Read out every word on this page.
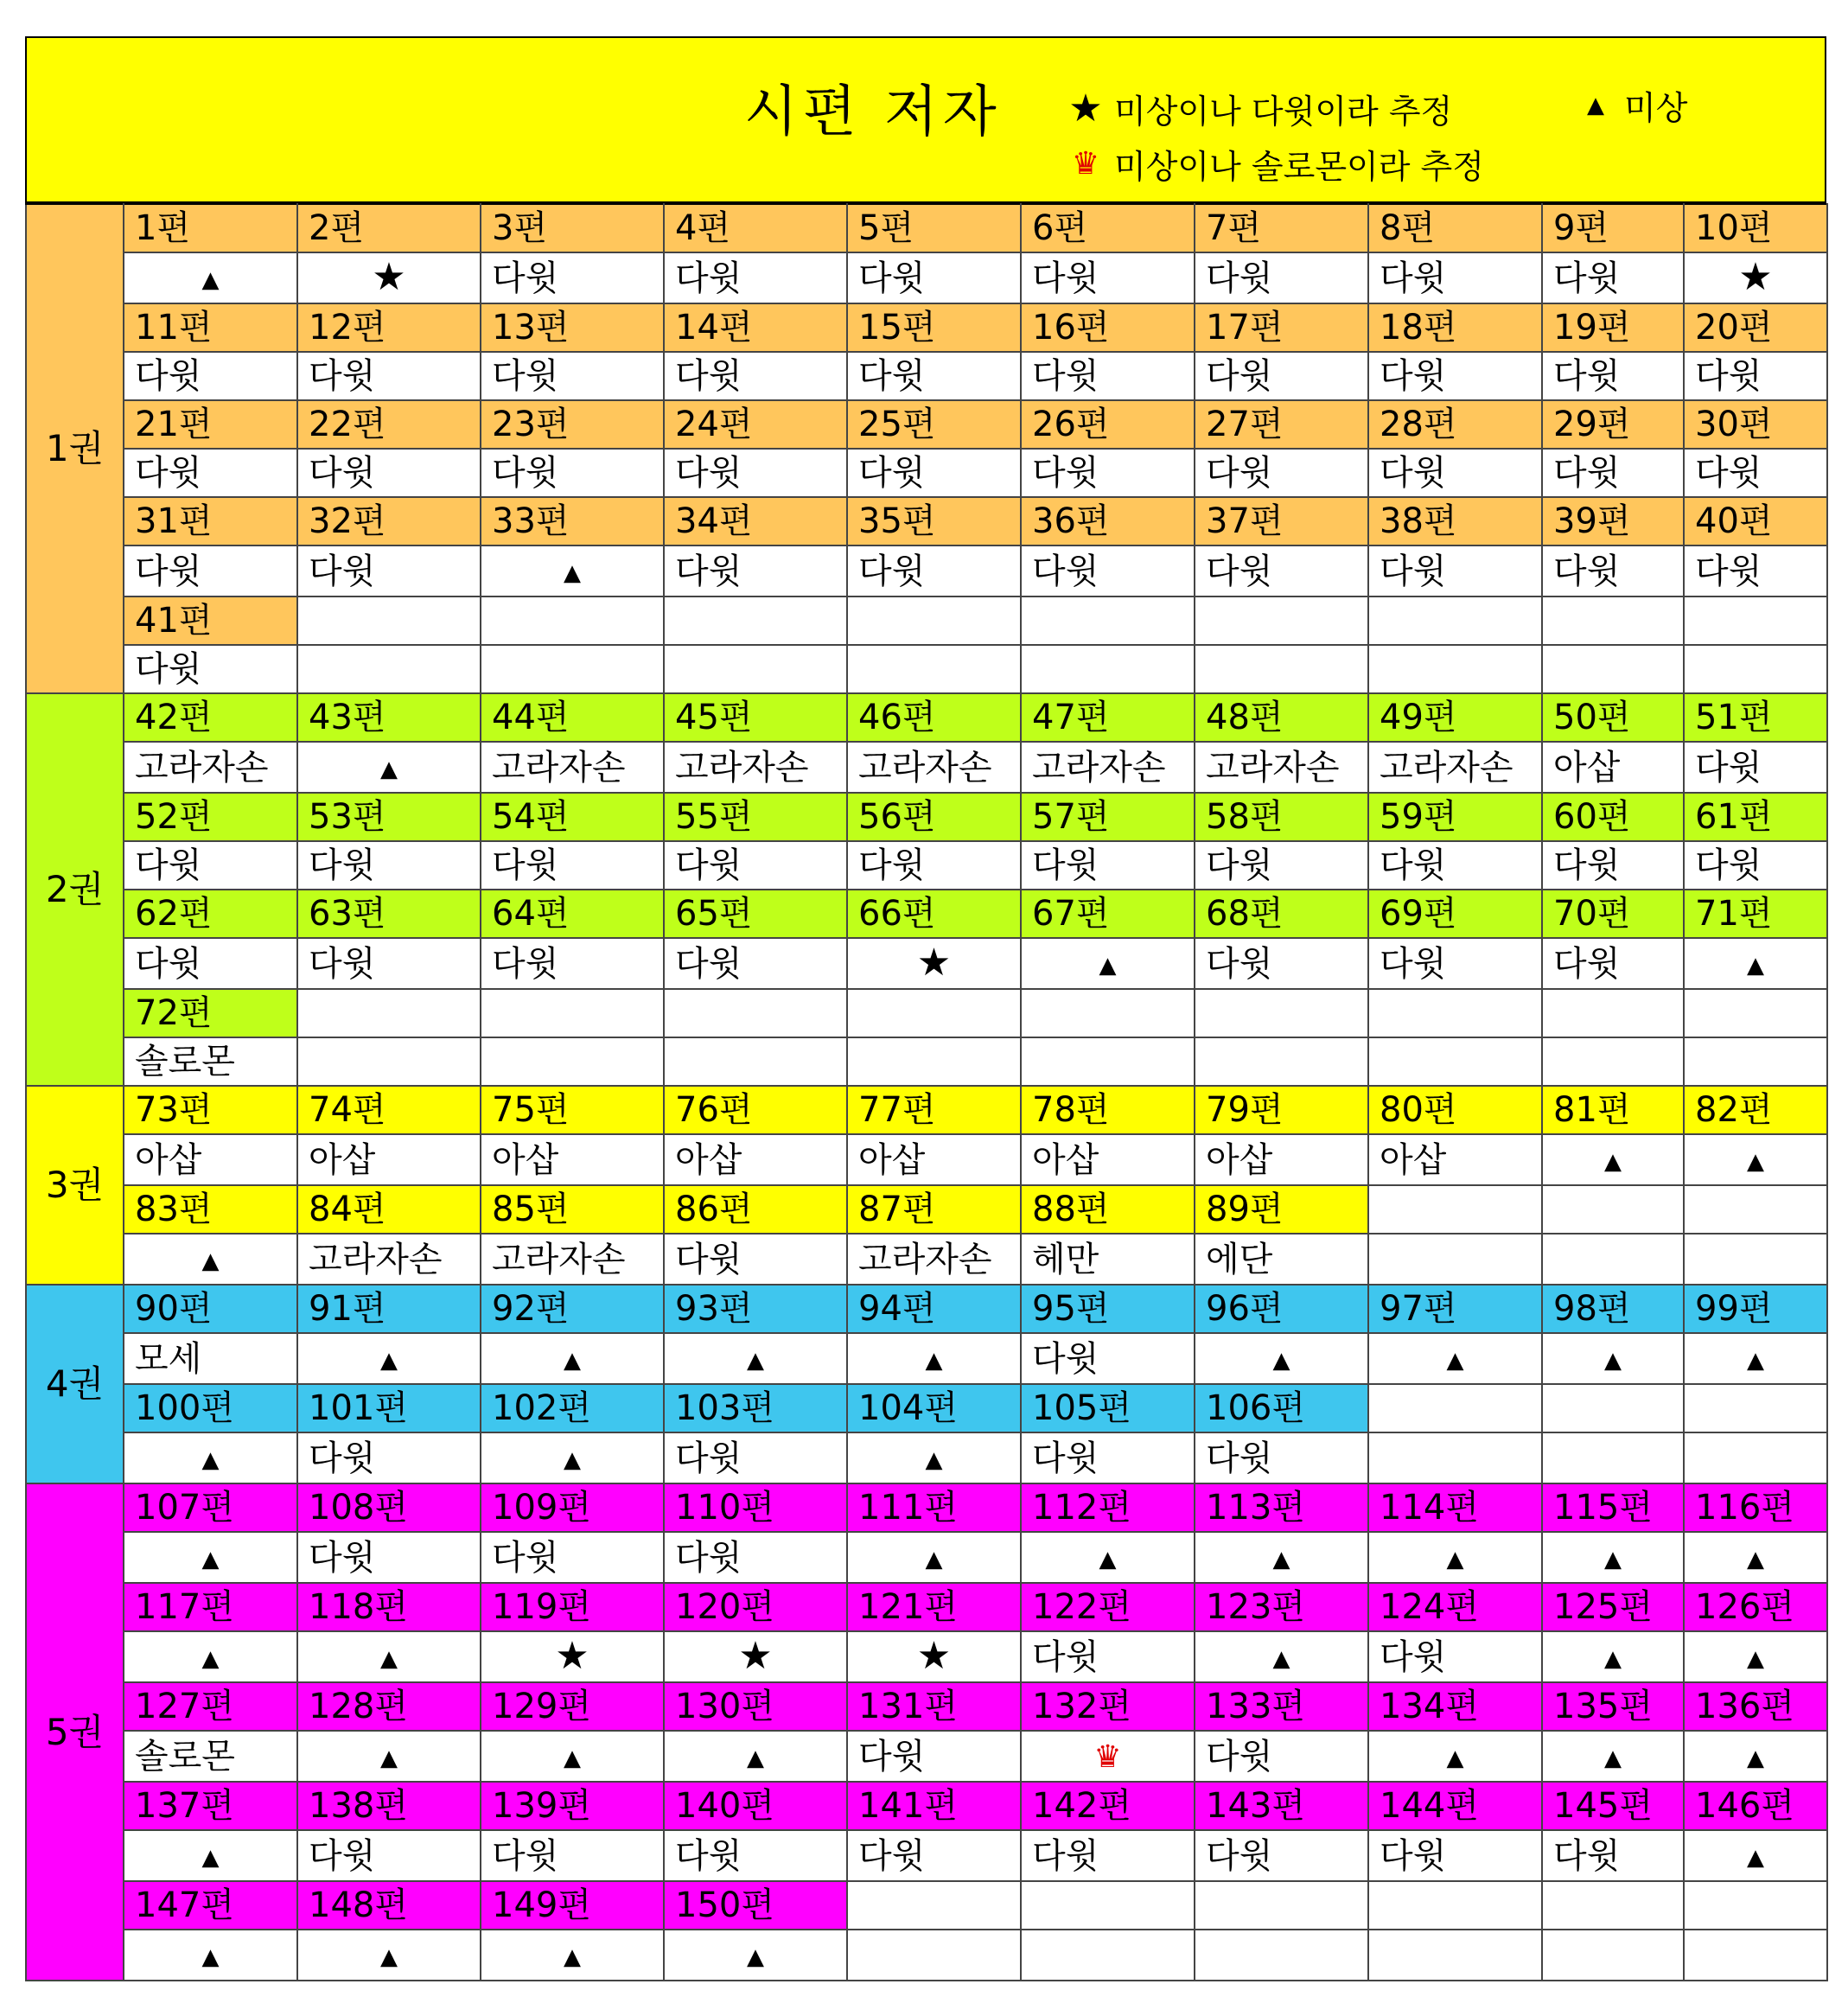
시편 저자 ★ 미상이나 다윗이라 추정	▲ 미상
♛ 미상이나 솔로몬이라 추정
1권	1편	2편	3편	4편	5편	6편	7편	8편	9편	10편
	▲	★	다윗	다윗	다윗	다윗	다윗	다윗	다윗	★
	11편	12편	13편	14편	15편	16편	17편	18편	19편	20편
	다윗	다윗	다윗	다윗	다윗	다윗	다윗	다윗	다윗	다윗
	21편	22편	23편	24편	25편	26편	27편	28편	29편	30편
	다윗	다윗	다윗	다윗	다윗	다윗	다윗	다윗	다윗	다윗
	31편	32편	33편	34편	35편	36편	37편	38편	39편	40편
	다윗	다윗	▲	다윗	다윗	다윗	다윗	다윗	다윗	다윗
	41편									
	다윗									
2권	42편	43편	44편	45편	46편	47편	48편	49편	50편	51편
	고라자손	▲	고라자손	고라자손	고라자손	고라자손	고라자손	고라자손	아삽	다윗
	52편	53편	54편	55편	56편	57편	58편	59편	60편	61편
	다윗	다윗	다윗	다윗	다윗	다윗	다윗	다윗	다윗	다윗
	62편	63편	64편	65편	66편	67편	68편	69편	70편	71편
	다윗	다윗	다윗	다윗	★	▲	다윗	다윗	다윗	▲
	72편									
	솔로몬									
3권	73편	74편	75편	76편	77편	78편	79편	80편	81편	82편
	아삽	아삽	아삽	아삽	아삽	아삽	아삽	아삽	▲	▲
	83편	84편	85편	86편	87편	88편	89편			
	▲	고라자손	고라자손	다윗	고라자손	헤만	에단			
4권	90편	91편	92편	93편	94편	95편	96편	97편	98편	99편
	모세	▲	▲	▲	▲	다윗	▲	▲	▲	▲
	100편	101편	102편	103편	104편	105편	106편			
	▲	다윗	▲	다윗	▲	다윗	다윗			
5권	107편	108편	109편	110편	111편	112편	113편	114편	115편	116편
	▲	다윗	다윗	다윗	▲	▲	▲	▲	▲	▲
	117편	118편	119편	120편	121편	122편	123편	124편	125편	126편
	▲	▲	★	★	★	다윗	▲	다윗	▲	▲
	127편	128편	129편	130편	131편	132편	133편	134편	135편	136편
	솔로몬	▲	▲	▲	다윗	♛	다윗	▲	▲	▲
	137편	138편	139편	140편	141편	142편	143편	144편	145편	146편
	▲	다윗	다윗	다윗	다윗	다윗	다윗	다윗	다윗	▲
	147편	148편	149편	150편						
	▲	▲	▲	▲						
